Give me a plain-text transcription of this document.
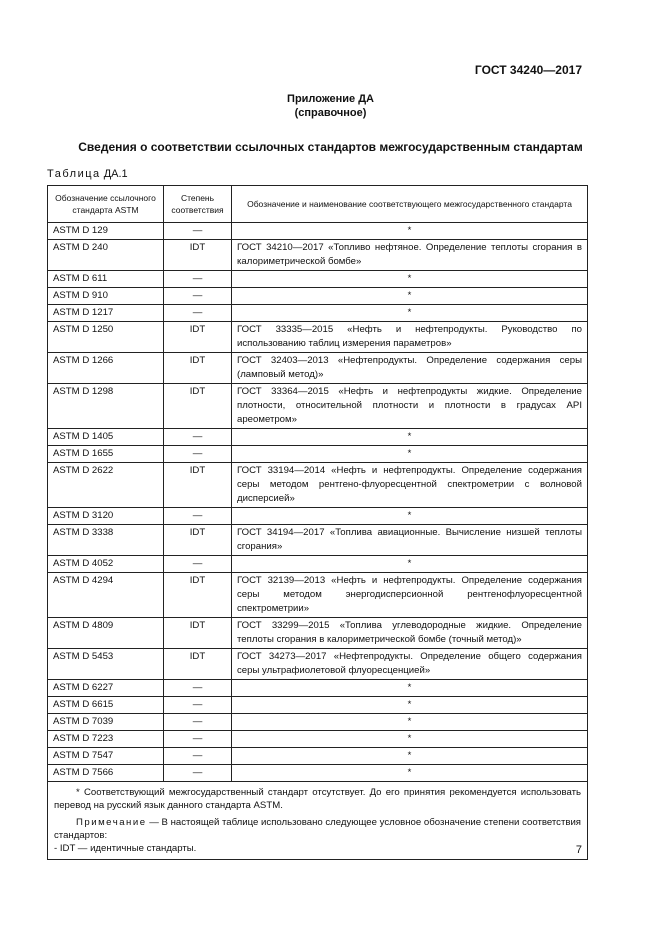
ГОСТ 34240—2017
Приложение ДА
(справочное)
Сведения о соответствии ссылочных стандартов межгосударственным стандартам
Таблица ДА.1
Обозначение ссылочного стандарта ASTM	Степень соответствия	Обозначение и наименование соответствующего межгосударственного стандарта
ASTM D 129	—	*
ASTM D 240	IDT	ГОСТ 34210—2017 «Топливо нефтяное. Определение теплоты сгорания в калориметрической бомбе»
ASTM D 611	—	*
ASTM D 910	—	*
ASTM D 1217	—	*
ASTM D 1250	IDT	ГОСТ 33335—2015 «Нефть и нефтепродукты. Руководство по использованию таблиц измерения параметров»
ASTM D 1266	IDT	ГОСТ 32403—2013 «Нефтепродукты. Определение содержания серы (ламповый метод)»
ASTM D 1298	IDT	ГОСТ 33364—2015 «Нефть и нефтепродукты жидкие. Определение плотности, относительной плотности и плотности в градусах API ареометром»
ASTM D 1405	—	*
ASTM D 1655	—	*
ASTM D 2622	IDT	ГОСТ 33194—2014 «Нефть и нефтепродукты. Определение содержания серы методом рентгено-флуоресцентной спектрометрии с волновой дисперсией»
ASTM D 3120	—	*
ASTM D 3338	IDT	ГОСТ 34194—2017 «Топлива авиационные. Вычисление низшей теплоты сгорания»
ASTM D 4052	—	*
ASTM D 4294	IDT	ГОСТ 32139—2013 «Нефть и нефтепродукты. Определение содержания серы методом энергодисперсионной рентгенофлуоресцентной спектрометрии»
ASTM D 4809	IDT	ГОСТ 33299—2015 «Топлива углеводородные жидкие. Определение теплоты сгорания в калориметрической бомбе (точный метод)»
ASTM D 5453	IDT	ГОСТ 34273—2017 «Нефтепродукты. Определение общего содержания серы ультрафиолетовой флуоресценцией»
ASTM D 6227	—	*
ASTM D 6615	—	*
ASTM D 7039	—	*
ASTM D 7223	—	*
ASTM D 7547	—	*
ASTM D 7566	—	*

* Соответствующий межгосударственный стандарт отсутствует. До его принятия рекомендуется использовать перевод на русский язык данного стандарта ASTM.

Примечание — В настоящей таблице использовано следующее условное обозначение степени соответствия стандартов:

- IDT — идентичные стандарты.			7
